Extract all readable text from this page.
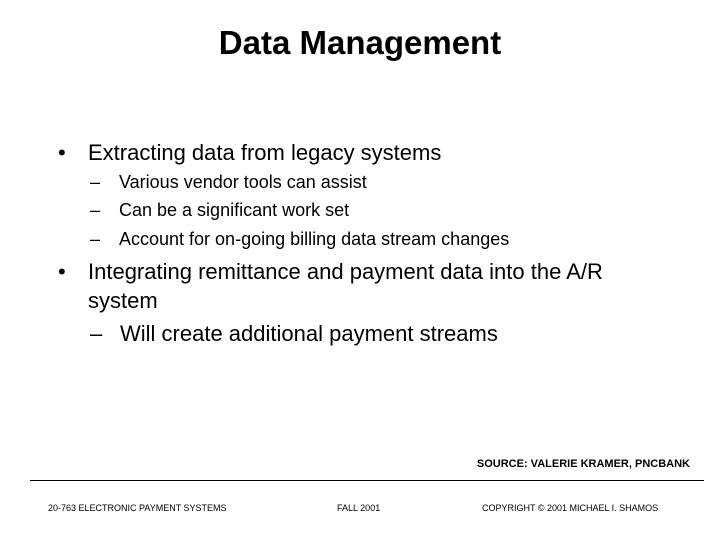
Data Management
•	Extracting data from legacy systems
– Various vendor tools can assist
– Can be a significant work set
– Account for on-going billing data stream changes
•	Integrating remittance and payment data into the A/R
system
– Will create additional payment streams
SOURCE: VALERIE KRAMER, PNCBANK
20-763 ELECTRONIC PAYMENT SYSTEMS	FALL 2001	COPYRIGHT © 2001 MICHAEL I. SHAMOS
